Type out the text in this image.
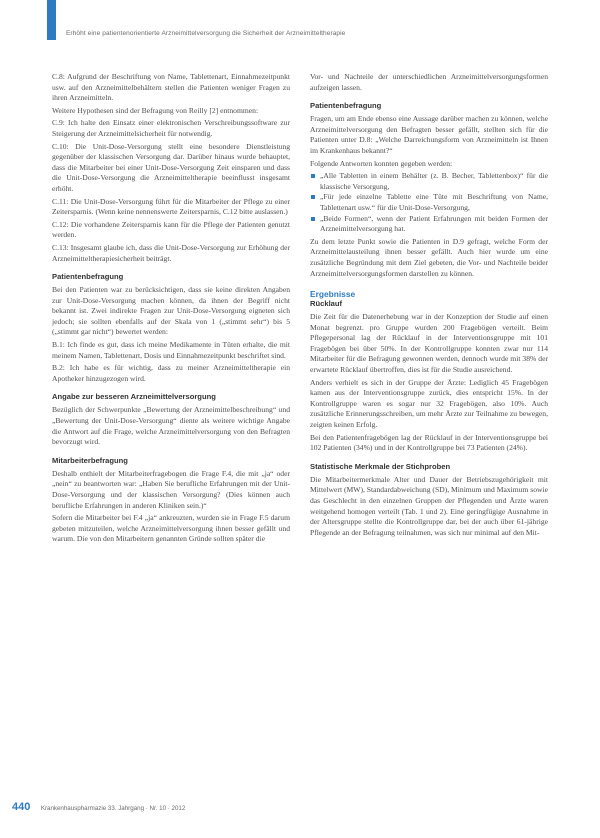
Erhöht eine patientenorientierte Arzneimittelversorgung die Sicherheit der Arzneimitteltherapie

C.8: Aufgrund der Beschriftung von Name, Tablettenart, Einnahmezeitpunkt usw. auf den Arzneimittelbehältern stellen die Patienten weniger Fragen zu ihren Arzneimitteln.

Weitere Hypothesen sind der Befragung von Reilly [2] entnommen:

C.9: Ich halte den Einsatz einer elektronischen Verschreibungssoftware zur Steigerung der Arzneimittelsicherheit für notwendig.

C.10: Die Unit-Dose-Versorgung stellt eine besondere Dienstleistung gegenüber der klassischen Versorgung dar. Darüber hinaus wurde behauptet, dass die Mitarbeiter bei einer Unit-Dose-Versorgung Zeit einsparen und dass die Unit-Dose-Versorgung die Arzneimitteltherapie beeinflusst insgesamt erhöht.

C.11: Die Unit-Dose-Versorgung führt für die Mitarbeiter der Pflege zu einer Zeitersparnis. (Wenn keine nennenswerte Zeitersparnis, C.12 bitte auslassen.)

C.12: Die vorhandene Zeitersparnis kann für die Pflege der Patienten genutzt werden.

C.13: Insgesamt glaube ich, dass die Unit-Dose-Versorgung zur Erhöhung der Arzneimitteltherapiesicherheit beiträgt.

Patientenbefragung

Bei den Patienten war zu berücksichtigen, dass sie keine direkten Angaben zur Unit-Dose-Versorgung machen können, da ihnen der Begriff nicht bekannt ist. Zwei indirekte Fragen zur Unit-Dose-Versorgung eigneten sich jedoch; sie sollten ebenfalls auf der Skala von 1 („stimmt sehr“) bis 5 („stimmt gar nicht“) bewertet werden:

B.1: Ich finde es gut, dass ich meine Medikamente in Tüten erhalte, die mit meinem Namen, Tablettenart, Dosis und Einnahmezeitpunkt beschriftet sind.

B.2: Ich habe es für wichtig, dass zu meiner Arzneimitteltherapie ein Apotheker hinzugezogen wird.

Angabe zur besseren Arzneimittelversorgung

Bezüglich der Schwerpunkte „Bewertung der Arzneimittelbeschreibung“ und „Bewertung der Unit-Dose-Versorgung“ diente als weitere wichtige Angabe die Antwort auf die Frage, welche Arzneimittelversorgung von den Befragten bevorzugt wird.

Mitarbeiterbefragung

Deshalb enthielt der Mitarbeiterfragebogen die Frage F.4, die mit „ja“ oder „nein“ zu beantworten war: „Haben Sie berufliche Erfahrungen mit der Unit-Dose-Versorgung und der klassischen Versorgung? (Dies können auch berufliche Erfahrungen in anderen Kliniken sein.)“

Sofern die Mitarbeiter bei F.4 „ja“ ankreuzten, wurden sie in Frage F.5 darum gebeten mitzuteilen, welche Arzneimittelversorgung ihnen besser gefällt und warum. Die von den Mitarbeitern genannten Gründe sollten später die

Vor- und Nachteile der unterschiedlichen Arzneimittelversorgungsformen aufzeigen lassen.

Patientenbefragung

Fragen, um am Ende ebenso eine Aussage darüber machen zu können, welche Arzneimittelversorgung den Befragten besser gefällt, stellten sich für die Patienten unter D.8: „Welche Darreichungsform von Arzneimitteln ist Ihnen im Krankenhaus bekannt?“

Folgende Antworten konnten gegeben werden:

„Alle Tabletten in einem Behälter (z. B. Becher, Tablettenbox)“ für die klassische Versorgung,
„Für jede einzelne Tablette eine Tüte mit Beschriftung von Name, Tablettenart usw.“ für die Unit-Dose-Versorgung,
„Beide Formen“, wenn der Patient Erfahrungen mit beiden Formen der Arzneimittelversorgung hat.

Zu dem letzte Punkt sowie die Patienten in D.9 gefragt, welche Form der Arzneimittelausteilung ihnen besser gefällt. Auch hier wurde um eine zusätzliche Begründung mit dem Ziel gebeten, die Vor- und Nachteile beider Arzneimittelversorgungsformen darstellen zu können.

Ergebnisse
Rücklauf

Die Zeit für die Datenerhebung war in der Konzeption der Studie auf einen Monat begrenzt. pro Gruppe wurden 200 Fragebögen verteilt. Beim Pflegepersonal lag der Rücklauf in der Interventionsgruppe mit 101 Fragebögen bei über 50%. In der Kontrollgruppe konnten zwar nur 114 Mitarbeiter für die Befragung gewonnen werden, dennoch wurde mit 38% der erwartete Rücklauf übertroffen, dies ist für die Studie ausreichend.

Anders verhielt es sich in der Gruppe der Ärzte: Lediglich 45 Fragebögen kamen aus der Interventionsgruppe zurück, dies entspricht 15%. In der Kontrollgruppe waren es sogar nur 32 Fragebögen, also 10%. Auch zusätzliche Erinnerungsschreiben, um mehr Ärzte zur Teilnahme zu bewegen, zeigten keinen Erfolg.

Bei den Patientenfragebögen lag der Rücklauf in der Interventionsgruppe bei 102 Patienten (34%) und in der Kontrollgruppe bei 73 Patienten (24%).

Statistische Merkmale der Stichproben

Die Mitarbeitermerkmale Alter und Dauer der Betriebszugehörigkeit mit Mittelwert (MW), Standardabweichung (SD), Minimum und Maximum sowie das Geschlecht in den einzelnen Gruppen der Pflegenden und Ärzte waren weitgehend homogen verteilt (Tab. 1 und 2). Eine geringfügige Ausnahme in der Altersgruppe stellte die Kontrollgruppe dar, bei der auch über 61-jährige Pflegende an der Befragung teilnahmen, was sich nur minimal auf den Mit-

440 Krankenhauspharmazie 33. Jahrgang · Nr. 10 · 2012
